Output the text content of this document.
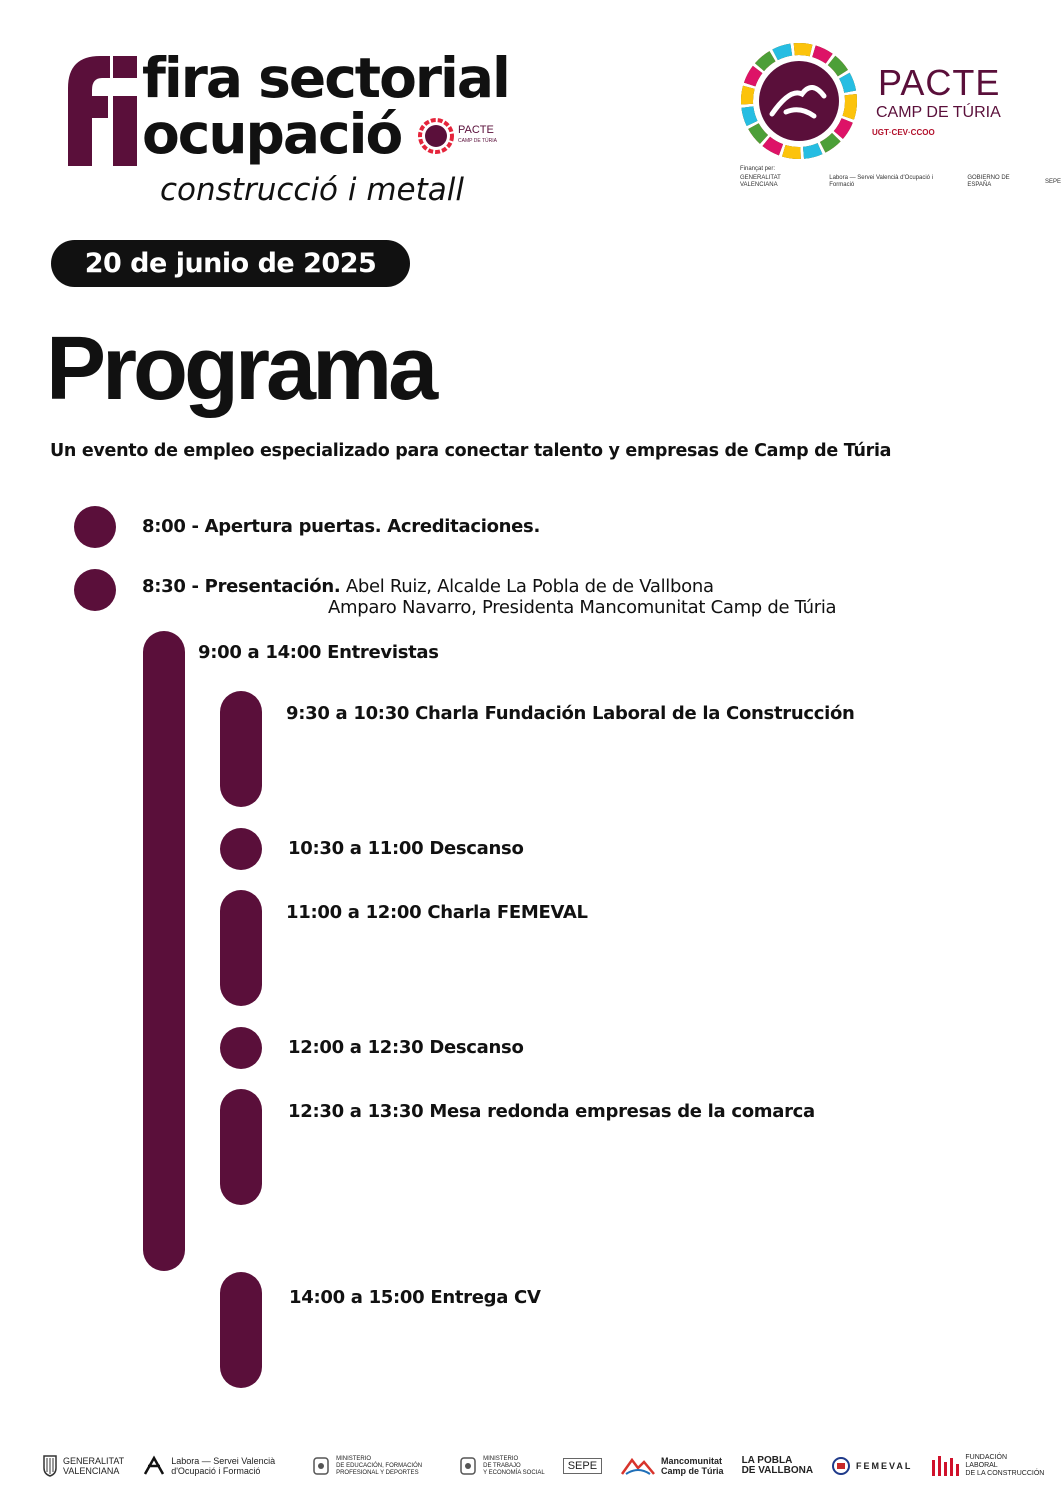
fira sectorial
ocupació
construcció i metall
PACTE
CAMP DE TÚRIA
PACTE
CAMP DE TÚRIA
UGT·CEV·CCOO
Finançat per:
GENERALITAT VALENCIANA
Labora — Servei Valencià d'Ocupació i Formació
GOBIERNO DE ESPAÑA
SEPE
20 de junio de 2025
Programa
Un evento de empleo especializado para conectar talento y empresas de Camp de Túria
8:00 - Apertura puertas. Acreditaciones.
8:30 - Presentación. Abel Ruiz, Alcalde La Pobla de de Vallbona
Amparo Navarro, Presidenta Mancomunitat Camp de Túria
9:00 a 14:00 Entrevistas
9:30 a 10:30 Charla Fundación Laboral de la Construcción
10:30 a 11:00 Descanso
11:00 a 12:00 Charla FEMEVAL
12:00 a 12:30 Descanso
12:30 a 13:30 Mesa redonda empresas de la comarca
14:00 a 15:00 Entrega CV
GENERALITAT
VALENCIANA
Labora — Servei Valencià
d'Ocupació i Formació
MINISTERIO
DE EDUCACIÓN, FORMACIÓN
PROFESIONAL Y DEPORTES
MINISTERIO
DE TRABAJO
Y ECONOMÍA SOCIAL
SEPE	Mancomunitat
Camp de Túria
LA POBLA
DE VALLBONA	FEMEVAL
FUNDACIÓN
LABORAL
DE LA CONSTRUCCIÓN
